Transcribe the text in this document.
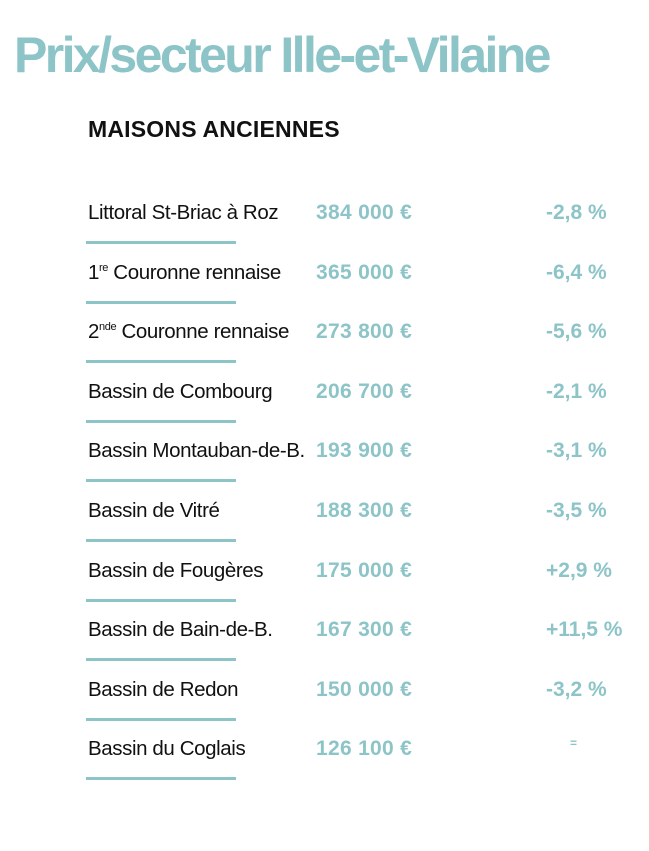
Prix/secteur Ille-et-Vilaine
MAISONS ANCIENNES
Littoral St-Briac à Roz 384 000 €	-2,8 %
1re Couronne rennaise 365 000 €	-6,4 %
2nde Couronne rennaise 273 800 €	-5,6 %
Bassin de Combourg 206 700 €	-2,1 %
Bassin Montauban-de-B. 193 900 €	-3,1 %
Bassin de Vitré	188 300 €	-3,5 %
Bassin de Fougères	175 000 €	+2,9 %
Bassin de Bain-de-B. 167 300 €	+11,5 %
Bassin de Redon	150 000 €	-3,2 %
Bassin du Coglais	126 100 €	=
